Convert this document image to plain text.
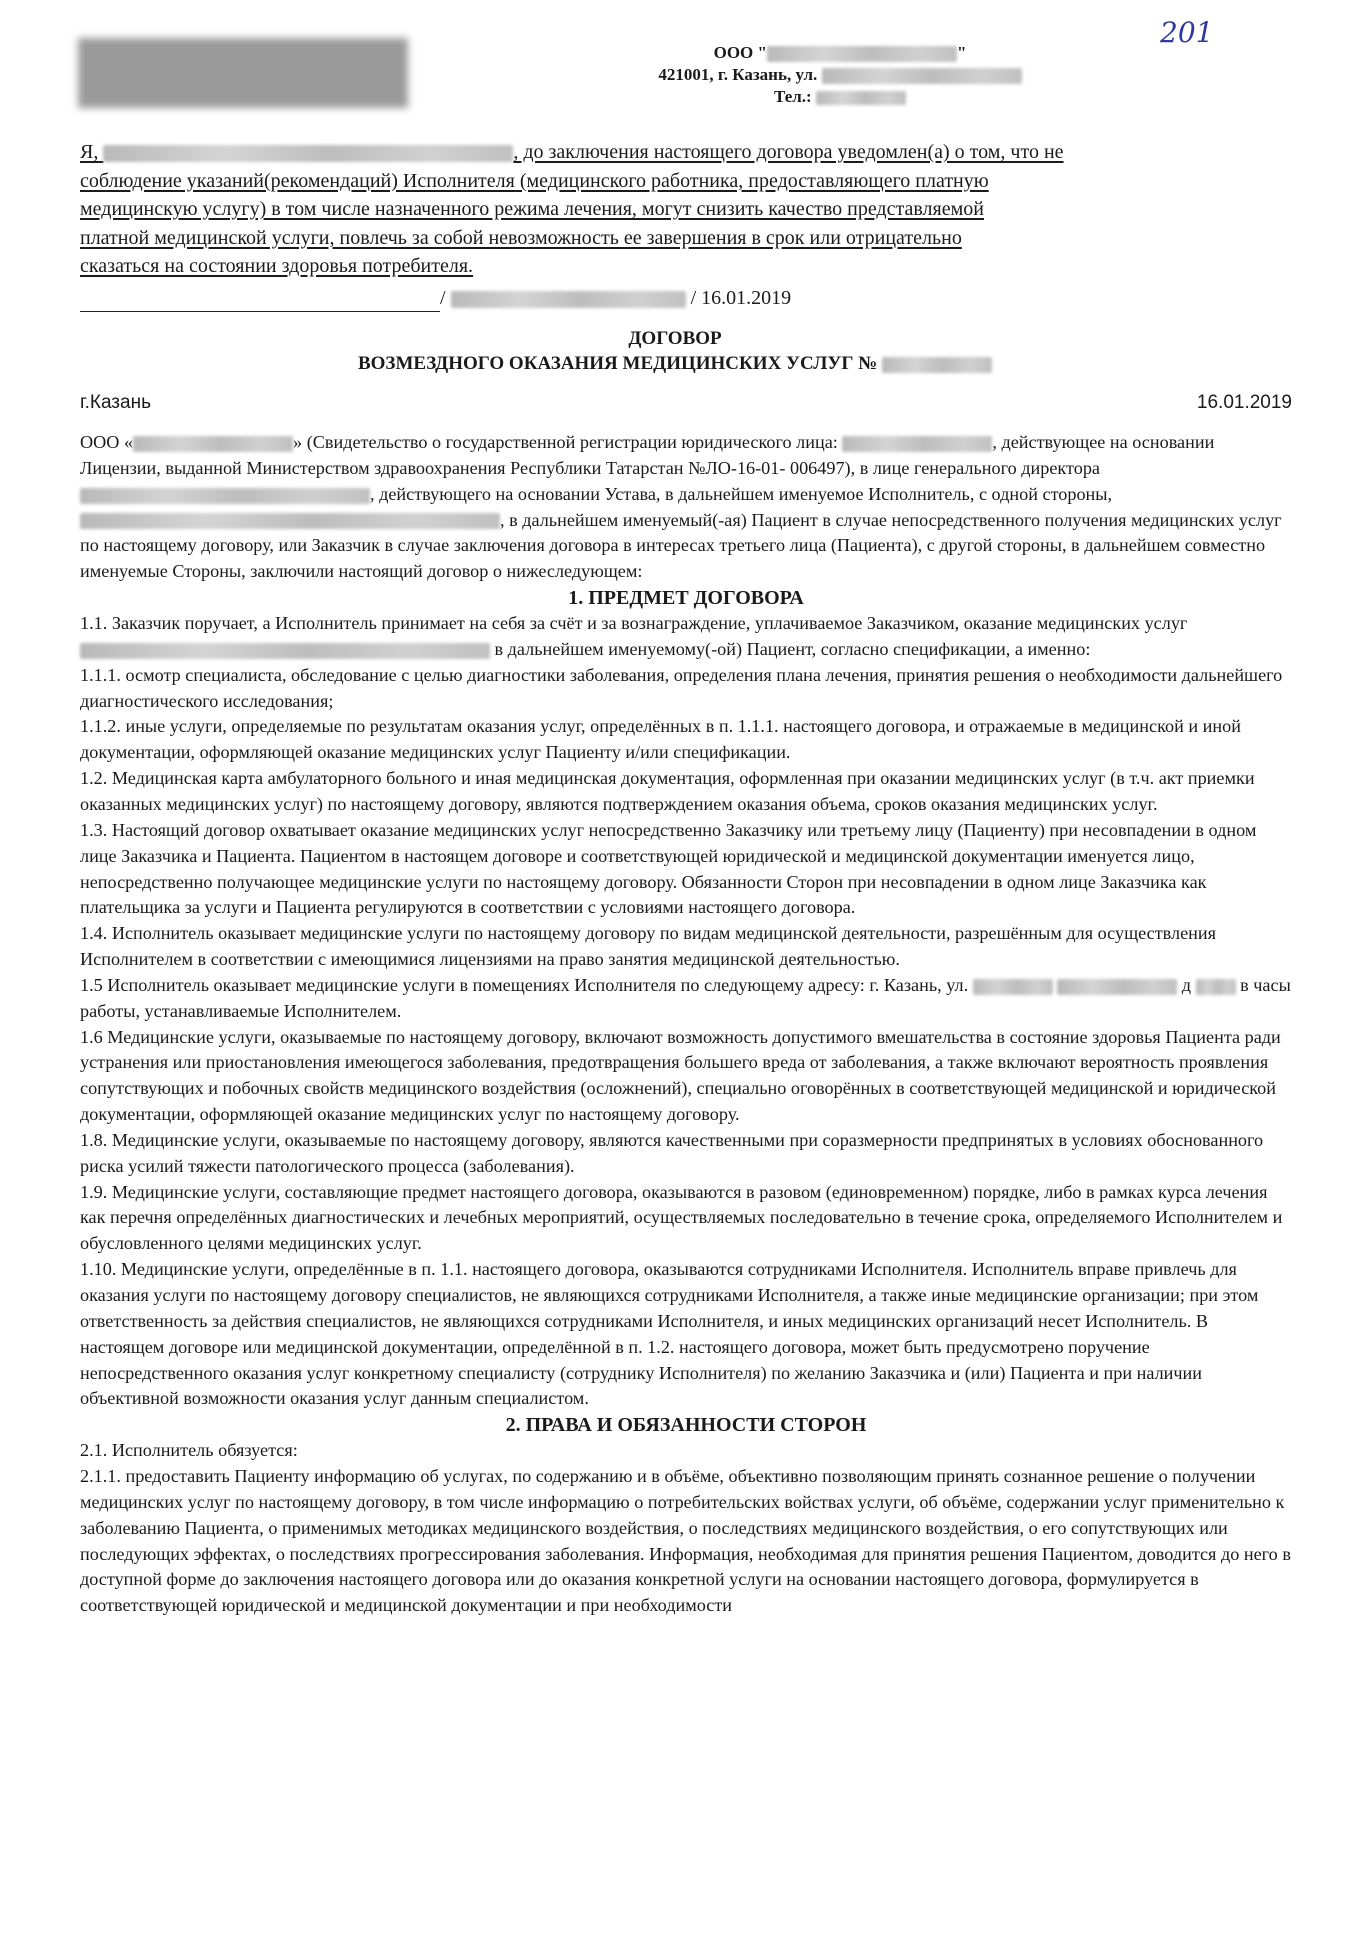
201
ООО "	"
421001, г. Казань, ул.
Тел.:

Я,	, до заключения настоящего договора уведомлен(а) о том, что не

соблюдение указаний(рекомендаций) Исполнителя (медицинского работника, предоставляющего платную

медицинскую услугу) в том числе назначенного режима лечения, могут снизить качество представляемой

платной медицинской услуги, повлечь за собой невозможность ее завершения в срок или отрицательно

сказаться на состоянии здоровья потребителя.

/	/ 16.01.2019
ДОГОВОР
ВОЗМЕЗДНОГО ОКАЗАНИЯ МЕДИЦИНСКИХ УСЛУГ №
г.Казань	16.01.2019

ООО «	» (Свидетельство о государственной регистрации юридического лица:	, действующее на основании Лицензии, выданной Министерством здравоохранения Республики Татарстан №ЛО-16-01- 006497), в лице генерального директора , действующего на основании Устава, в дальнейшем именуемое Исполнитель, с одной стороны, , в дальнейшем именуемый(-ая) Пациент в случае непосредственного получения медицинских услуг по настоящему договору, или Заказчик в случае заключения договора в интересах третьего лица (Пациента), с другой стороны, в дальнейшем совместно именуемые Стороны, заключили настоящий договор о нижеследующем:

1. ПРЕДМЕТ ДОГОВОРА

1.1. Заказчик поручает, а Исполнитель принимает на себя за счёт и за вознаграждение, уплачиваемое Заказчиком, оказание медицинских услуг  в дальнейшем именуемому(-ой) Пациент, согласно спецификации, а именно:

1.1.1. осмотр специалиста, обследование с целью диагностики заболевания, определения плана лечения, принятия решения о необходимости дальнейшего диагностического исследования;

1.1.2. иные услуги, определяемые по результатам оказания услуг, определённых в п. 1.1.1. настоящего договора, и отражаемые в медицинской и иной документации, оформляющей оказание медицинских услуг Пациенту и/или спецификации.

1.2. Медицинская карта амбулаторного больного и иная медицинская документация, оформленная при оказании медицинских услуг (в т.ч. акт приемки оказанных медицинских услуг) по настоящему договору, являются подтверждением оказания объема, сроков оказания медицинских услуг.

1.3. Настоящий договор охватывает оказание медицинских услуг непосредственно Заказчику или третьему лицу (Пациенту) при несовпадении в одном лице Заказчика и Пациента. Пациентом в настоящем договоре и соответствующей юридической и медицинской документации именуется лицо, непосредственно получающее медицинские услуги по настоящему договору. Обязанности Сторон при несовпадении в одном лице Заказчика как плательщика за услуги и Пациента регулируются в соответствии с условиями настоящего договора.

1.4. Исполнитель оказывает медицинские услуги по настоящему договору по видам медицинской деятельности, разрешённым для осуществления Исполнителем в соответствии с имеющимися лицензиями на право занятия медицинской деятельностью.

1.5 Исполнитель оказывает медицинские услуги в помещениях Исполнителя по следующему адресу: г. Казань, ул.	д	в часы работы, устанавливаемые Исполнителем.

1.6 Медицинские услуги, оказываемые по настоящему договору, включают возможность допустимого вмешательства в состояние здоровья Пациента ради устранения или приостановления имеющегося заболевания, предотвращения большего вреда от заболевания, а также включают вероятность проявления сопутствующих и побочных свойств медицинского воздействия (осложнений), специально оговорённых в соответствующей медицинской и юридической документации, оформляющей оказание медицинских услуг по настоящему договору.

1.8. Медицинские услуги, оказываемые по настоящему договору, являются качественными при соразмерности предпринятых в условиях обоснованного риска усилий тяжести патологического процесса (заболевания).

1.9. Медицинские услуги, составляющие предмет настоящего договора, оказываются в разовом (единовременном) порядке, либо в рамках курса лечения как перечня определённых диагностических и лечебных мероприятий, осуществляемых последовательно в течение срока, определяемого Исполнителем и обусловленного целями медицинских услуг.

1.10. Медицинские услуги, определённые в п. 1.1. настоящего договора, оказываются сотрудниками Исполнителя. Исполнитель вправе привлечь для оказания услуги по настоящему договору специалистов, не являющихся сотрудниками Исполнителя, а также иные медицинские организации; при этом ответственность за действия специалистов, не являющихся сотрудниками Исполнителя, и иных медицинских организаций несет Исполнитель. В настоящем договоре или медицинской документации, определённой в п. 1.2. настоящего договора, может быть предусмотрено поручение непосредственного оказания услуг конкретному специалисту (сотруднику Исполнителя) по желанию Заказчика и (или) Пациента и при наличии объективной возможности оказания услуг данным специалистом.

2. ПРАВА И ОБЯЗАННОСТИ СТОРОН

2.1. Исполнитель обязуется:

2.1.1. предоставить Пациенту информацию об услугах, по содержанию и в объёме, объективно позволяющим принять сознанное решение о получении медицинских услуг по настоящему договору, в том числе информацию о потребительских войствах услуги, об объёме, содержании услуг применительно к заболеванию Пациента, о применимых методиках медицинского воздействия, о последствиях медицинского воздействия, о его сопутствующих или последующих эффектах, о последствиях прогрессирования заболевания. Информация, необходимая для принятия решения Пациентом, доводится до него в доступной форме до заключения настоящего договора или до оказания конкретной услуги на основании настоящего договора, формулируется в соответствующей юридической и медицинской документации и при необходимости
